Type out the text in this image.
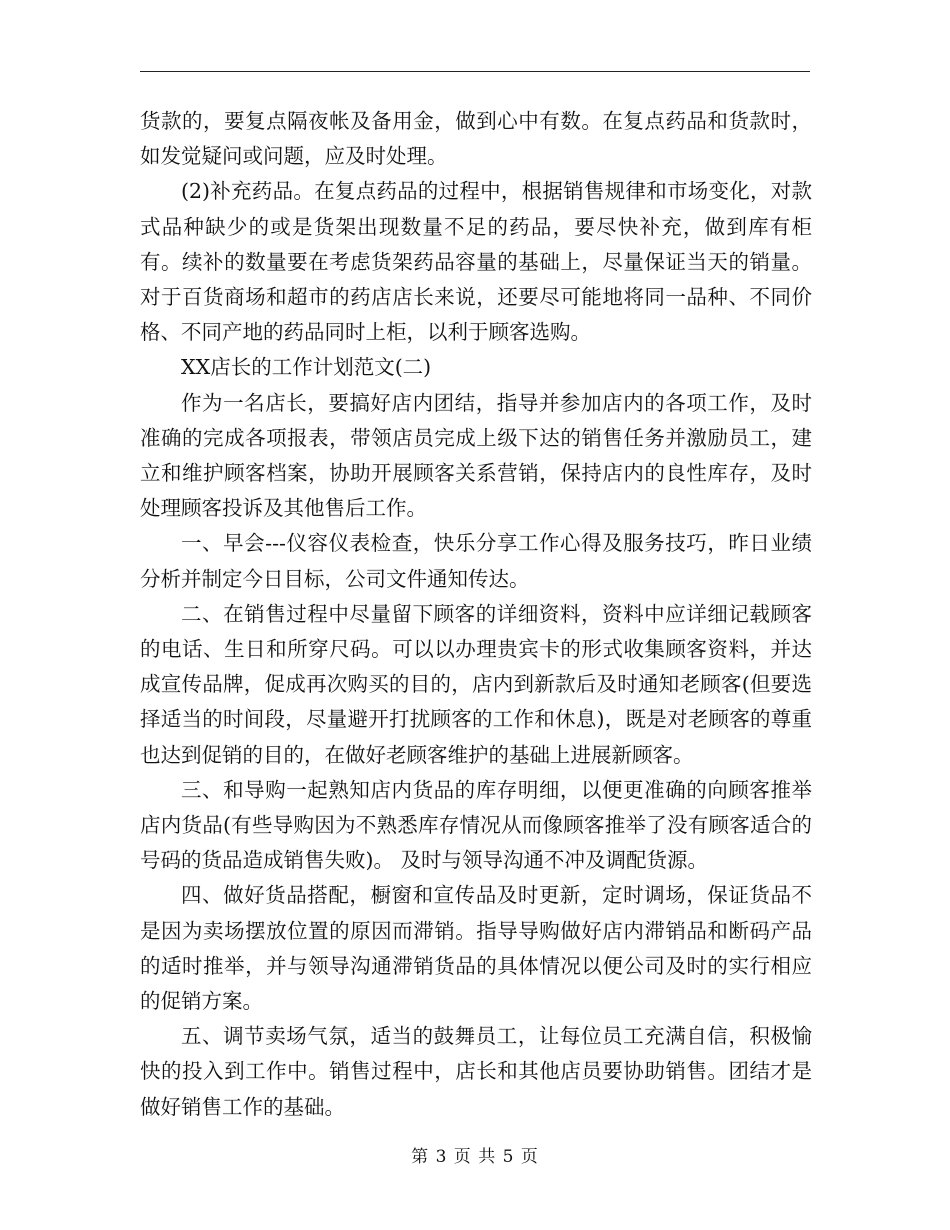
货款的，要复点隔夜帐及备用金，做到心中有数。在复点药品和货款时，如发觉疑问或问题，应及时处理。

(2)补充药品。在复点药品的过程中，根据销售规律和市场变化，对款式品种缺少的或是货架出现数量不足的药品，要尽快补充，做到库有柜有。续补的数量要在考虑货架药品容量的基础上，尽量保证当天的销量。对于百货商场和超市的药店店长来说，还要尽可能地将同一品种、不同价格、不同产地的药品同时上柜，以利于顾客选购。

XX店长的工作计划范文(二)

作为一名店长，要搞好店内团结，指导并参加店内的各项工作，及时准确的完成各项报表，带领店员完成上级下达的销售任务并激励员工，建立和维护顾客档案，协助开展顾客关系营销，保持店内的良性库存，及时处理顾客投诉及其他售后工作。

一、早会---仪容仪表检查，快乐分享工作心得及服务技巧，昨日业绩分析并制定今日目标，公司文件通知传达。

二、在销售过程中尽量留下顾客的详细资料，资料中应详细记载顾客的电话、生日和所穿尺码。可以以办理贵宾卡的形式收集顾客资料，并达成宣传品牌，促成再次购买的目的，店内到新款后及时通知老顾客(但要选择适当的时间段，尽量避开打扰顾客的工作和休息)，既是对老顾客的尊重也达到促销的目的，在做好老顾客维护的基础上进展新顾客。

三、和导购一起熟知店内货品的库存明细，以便更准确的向顾客推举店内货品(有些导购因为不熟悉库存情况从而像顾客推举了没有顾客适合的号码的货品造成销售失败)。 及时与领导沟通不冲及调配货源。

四、做好货品搭配，橱窗和宣传品及时更新，定时调场，保证货品不是因为卖场摆放位置的原因而滞销。指导导购做好店内滞销品和断码产品的适时推举，并与领导沟通滞销货品的具体情况以便公司及时的实行相应的促销方案。

五、调节卖场气氛，适当的鼓舞员工，让每位员工充满自信，积极愉快的投入到工作中。销售过程中，店长和其他店员要协助销售。团结才是做好销售工作的基础。

第 3 页 共 5 页
